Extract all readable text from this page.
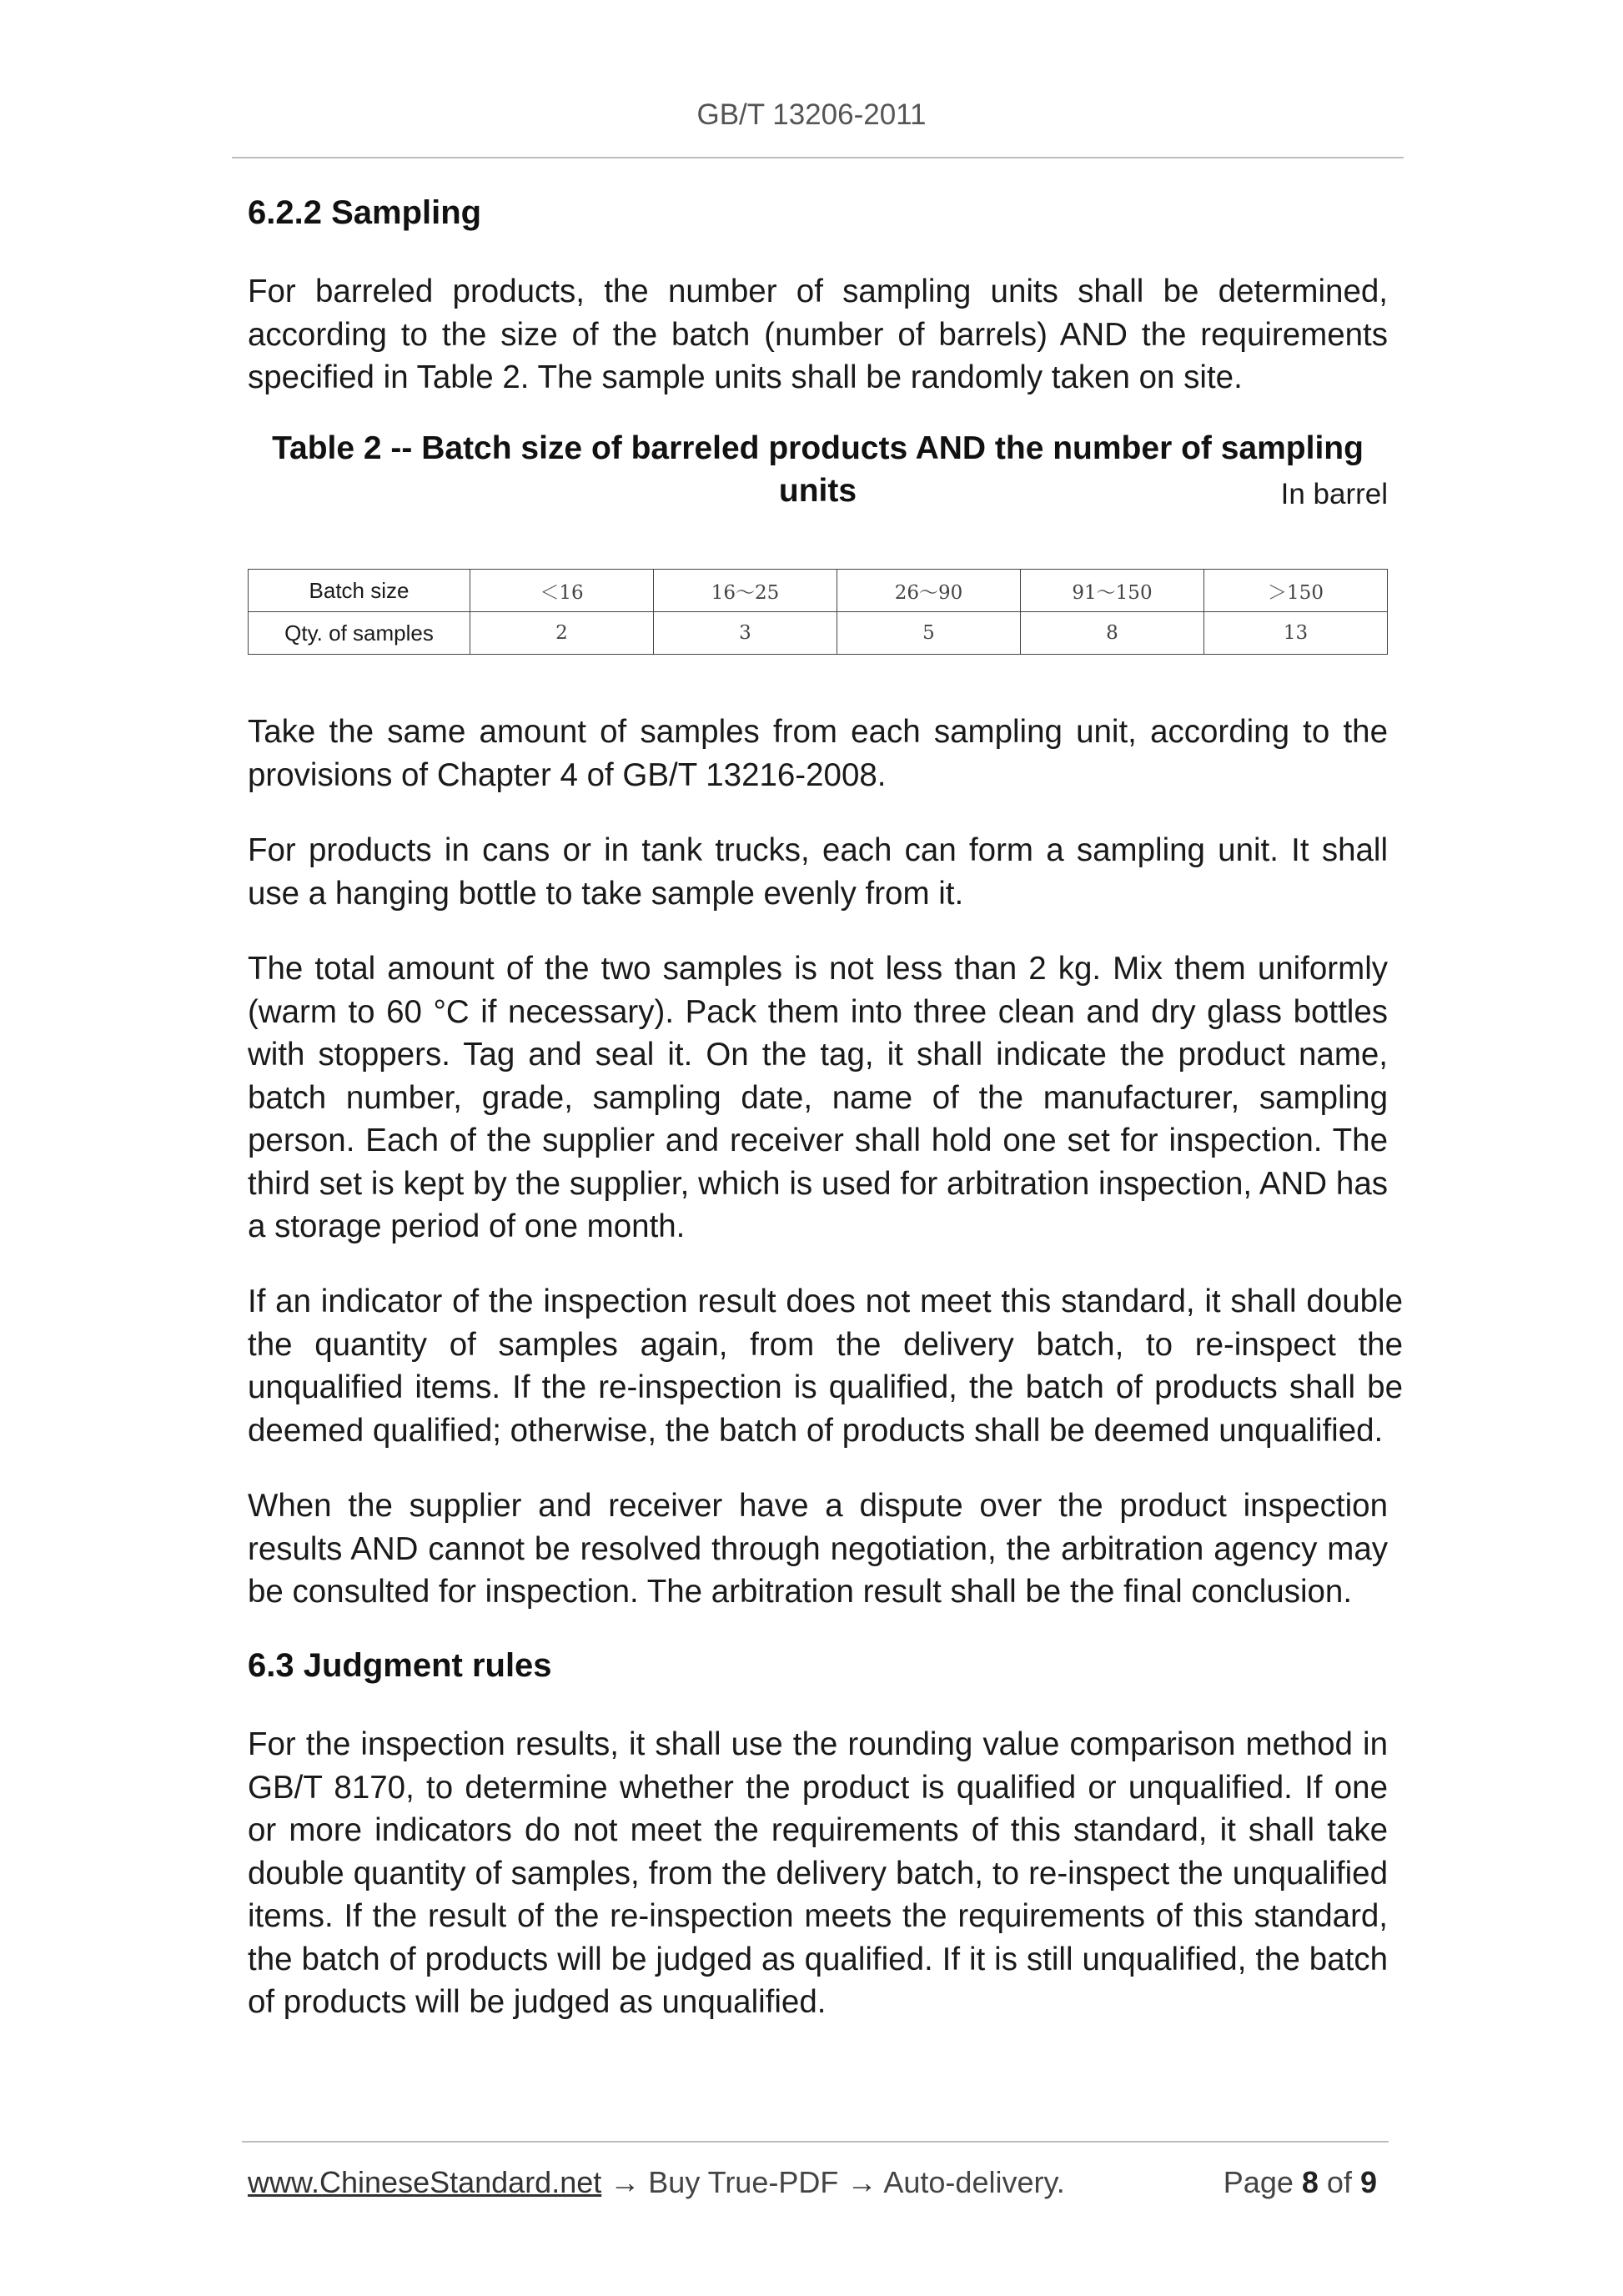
GB/T 13206-2011
6.2.2 Sampling

For barreled products, the number of sampling units shall be determined, according to the size of the batch (number of barrels) AND the requirements specified in Table 2. The sample units shall be randomly taken on site.

Table 2 -- Batch size of barreled products AND the number of sampling
units	In barrel
Batch size	＜16	16～25	26～90	91～150	＞150
Qty. of samples	2	3	5	8	13

Take the same amount of samples from each sampling unit, according to the provisions of Chapter 4 of GB/T 13216-2008.

For products in cans or in tank trucks, each can form a sampling unit. It shall use a hanging bottle to take sample evenly from it.

The total amount of the two samples is not less than 2 kg. Mix them uniformly (warm to 60 °C if necessary). Pack them into three clean and dry glass bottles with stoppers. Tag and seal it. On the tag, it shall indicate the product name, batch number, grade, sampling date, name of the manufacturer, sampling person. Each of the supplier and receiver shall hold one set for inspection. The third set is kept by the supplier, which is used for arbitration inspection, AND has a storage period of one month.

If an indicator of the inspection result does not meet this standard, it shall double the quantity of samples again, from the delivery batch, to re-inspect the unqualified items. If the re-inspection is qualified, the batch of products shall be deemed qualified; otherwise, the batch of products shall be deemed unqualified.

When the supplier and receiver have a dispute over the product inspection results AND cannot be resolved through negotiation, the arbitration agency may be consulted for inspection. The arbitration result shall be the final conclusion.

6.3 Judgment rules

For the inspection results, it shall use the rounding value comparison method in GB/T 8170, to determine whether the product is qualified or unqualified. If one or more indicators do not meet the requirements of this standard, it shall take double quantity of samples, from the delivery batch, to re-inspect the unqualified items. If the result of the re-inspection meets the requirements of this standard, the batch of products will be judged as qualified. If it is still unqualified, the batch of products will be judged as unqualified.

www.ChineseStandard.net → Buy True-PDF → Auto-delivery.	Page 8 of 9
